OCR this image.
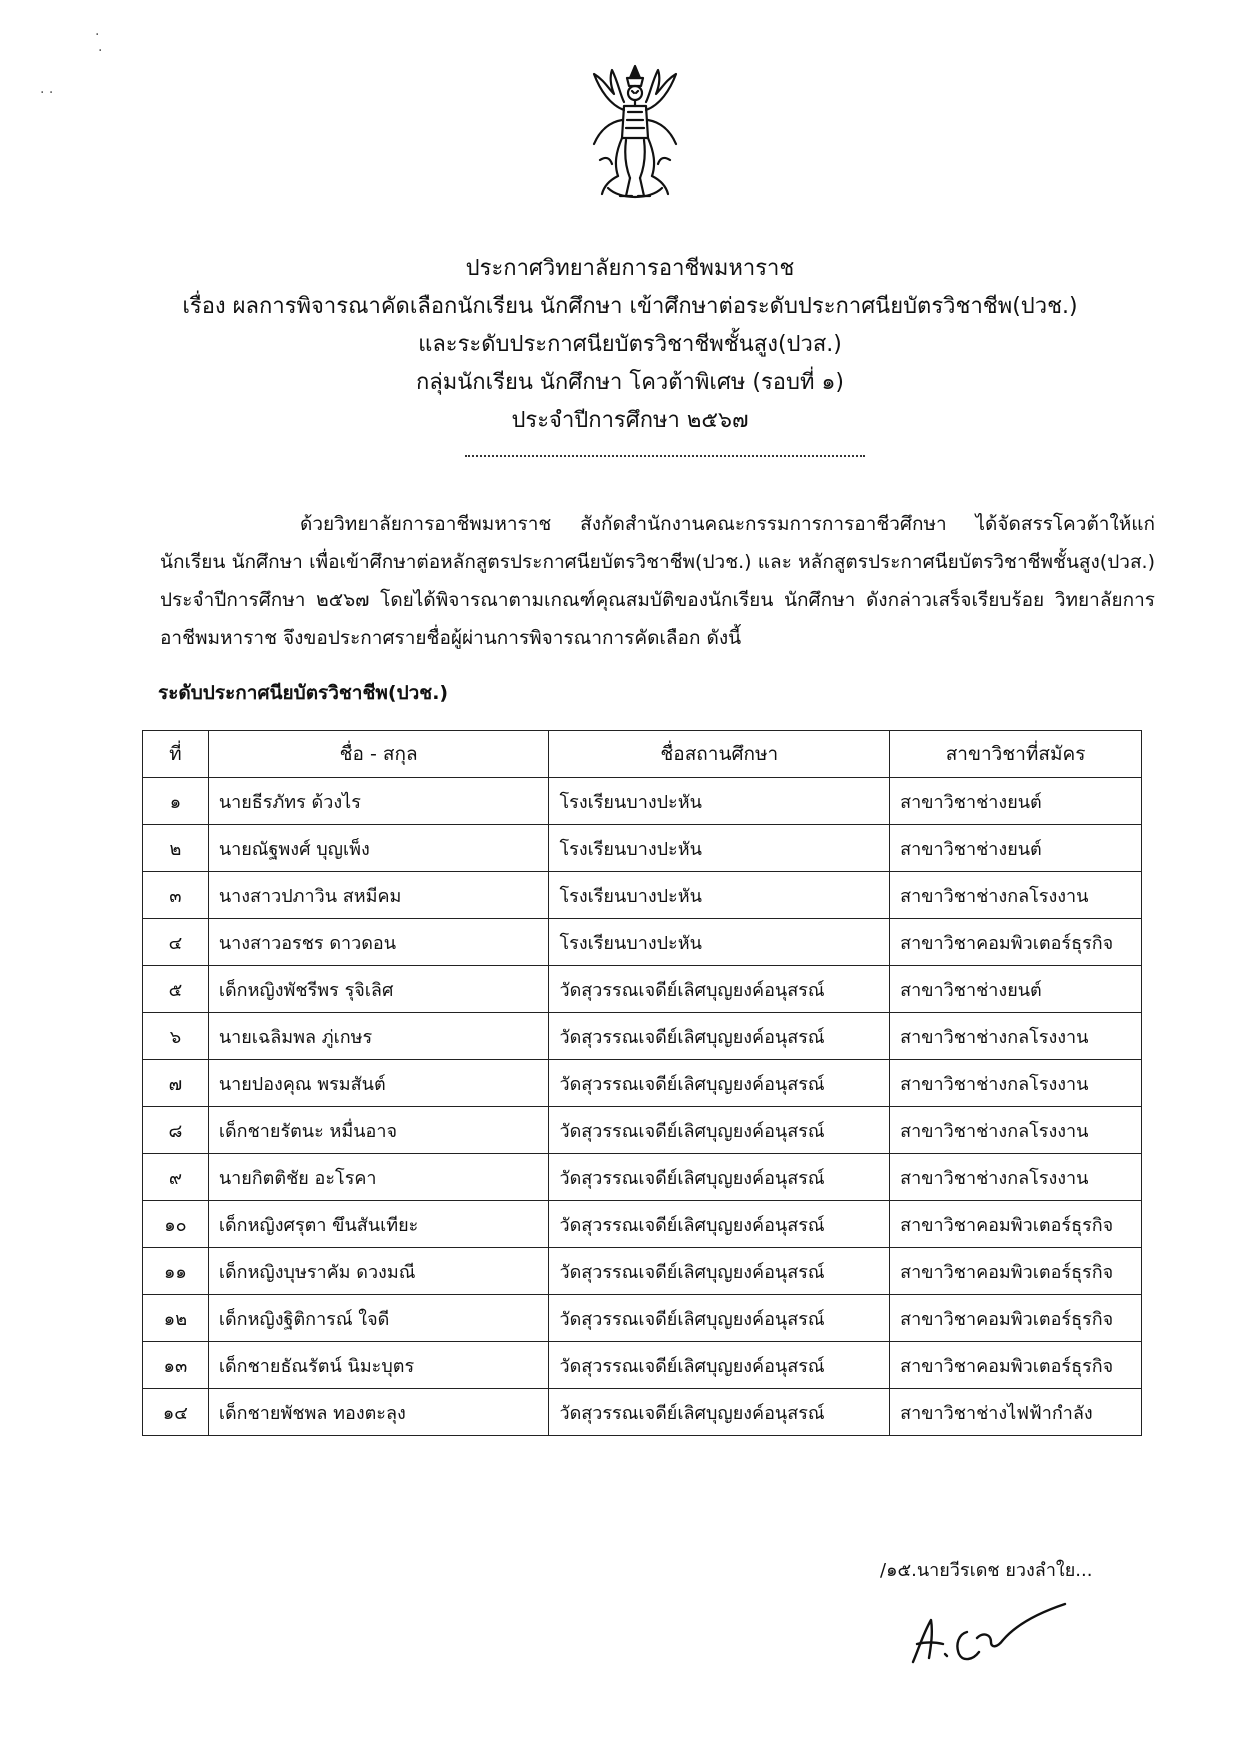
·
·
· ·
ประกาศวิทยาลัยการอาชีพมหาราช
เรื่อง ผลการพิจารณาคัดเลือกนักเรียน นักศึกษา เข้าศึกษาต่อระดับประกาศนียบัตรวิชาชีพ(ปวช.)
และระดับประกาศนียบัตรวิชาชีพชั้นสูง(ปวส.)
กลุ่มนักเรียน นักศึกษา โควต้าพิเศษ (รอบที่ ๑)
ประจำปีการศึกษา ๒๕๖๗
ด้วยวิทยาลัยการอาชีพมหาราช สังกัดสำนักงานคณะกรรมการการอาชีวศึกษา ได้จัดสรรโควต้าให้แก่นักเรียน นักศึกษา เพื่อเข้าศึกษาต่อหลักสูตรประกาศนียบัตรวิชาชีพ(ปวช.) และ หลักสูตรประกาศนียบัตรวิชาชีพชั้นสูง(ปวส.) ประจำปีการศึกษา ๒๕๖๗ โดยได้พิจารณาตามเกณฑ์คุณสมบัติของนักเรียน นักศึกษา ดังกล่าวเสร็จเรียบร้อย วิทยาลัยการอาชีพมหาราช จึงขอประกาศรายชื่อผู้ผ่านการพิจารณาการคัดเลือก ดังนี้
ระดับประกาศนียบัตรวิชาชีพ(ปวช.)
ที่	ชื่อ - สกุล	ชื่อสถานศึกษา	สาขาวิชาที่สมัคร
๑	นายธีรภัทร ด้วงไร	โรงเรียนบางปะหัน	สาขาวิชาช่างยนต์
๒	นายณัฐพงศ์ บุญเพ็ง	โรงเรียนบางปะหัน	สาขาวิชาช่างยนต์
๓	นางสาวปภาวิน สหมีคม	โรงเรียนบางปะหัน	สาขาวิชาช่างกลโรงงาน
๔	นางสาวอรชร ดาวดอน	โรงเรียนบางปะหัน	สาขาวิชาคอมพิวเตอร์ธุรกิจ
๕	เด็กหญิงพัชรีพร รุจิเลิศ	วัดสุวรรณเจดีย์เลิศบุญยงค์อนุสรณ์	สาขาวิชาช่างยนต์
๖	นายเฉลิมพล ภู่เกษร	วัดสุวรรณเจดีย์เลิศบุญยงค์อนุสรณ์	สาขาวิชาช่างกลโรงงาน
๗	นายปองคุณ พรมสันต์	วัดสุวรรณเจดีย์เลิศบุญยงค์อนุสรณ์	สาขาวิชาช่างกลโรงงาน
๘	เด็กชายรัตนะ หมื่นอาจ	วัดสุวรรณเจดีย์เลิศบุญยงค์อนุสรณ์	สาขาวิชาช่างกลโรงงาน
๙	นายกิตติชัย อะโรคา	วัดสุวรรณเจดีย์เลิศบุญยงค์อนุสรณ์	สาขาวิชาช่างกลโรงงาน
๑๐	เด็กหญิงศรุตา ขึนสันเทียะ	วัดสุวรรณเจดีย์เลิศบุญยงค์อนุสรณ์	สาขาวิชาคอมพิวเตอร์ธุรกิจ
๑๑	เด็กหญิงบุษราคัม ดวงมณี	วัดสุวรรณเจดีย์เลิศบุญยงค์อนุสรณ์	สาขาวิชาคอมพิวเตอร์ธุรกิจ
๑๒	เด็กหญิงฐิติการณ์ ใจดี	วัดสุวรรณเจดีย์เลิศบุญยงค์อนุสรณ์	สาขาวิชาคอมพิวเตอร์ธุรกิจ
๑๓	เด็กชายธัณรัตน์ นิมะบุตร	วัดสุวรรณเจดีย์เลิศบุญยงค์อนุสรณ์	สาขาวิชาคอมพิวเตอร์ธุรกิจ
๑๔	เด็กชายพัชพล ทองตะลุง	วัดสุวรรณเจดีย์เลิศบุญยงค์อนุสรณ์	สาขาวิชาช่างไฟฟ้ากำลัง
/๑๕.นายวีรเดช ยวงลำใย...
